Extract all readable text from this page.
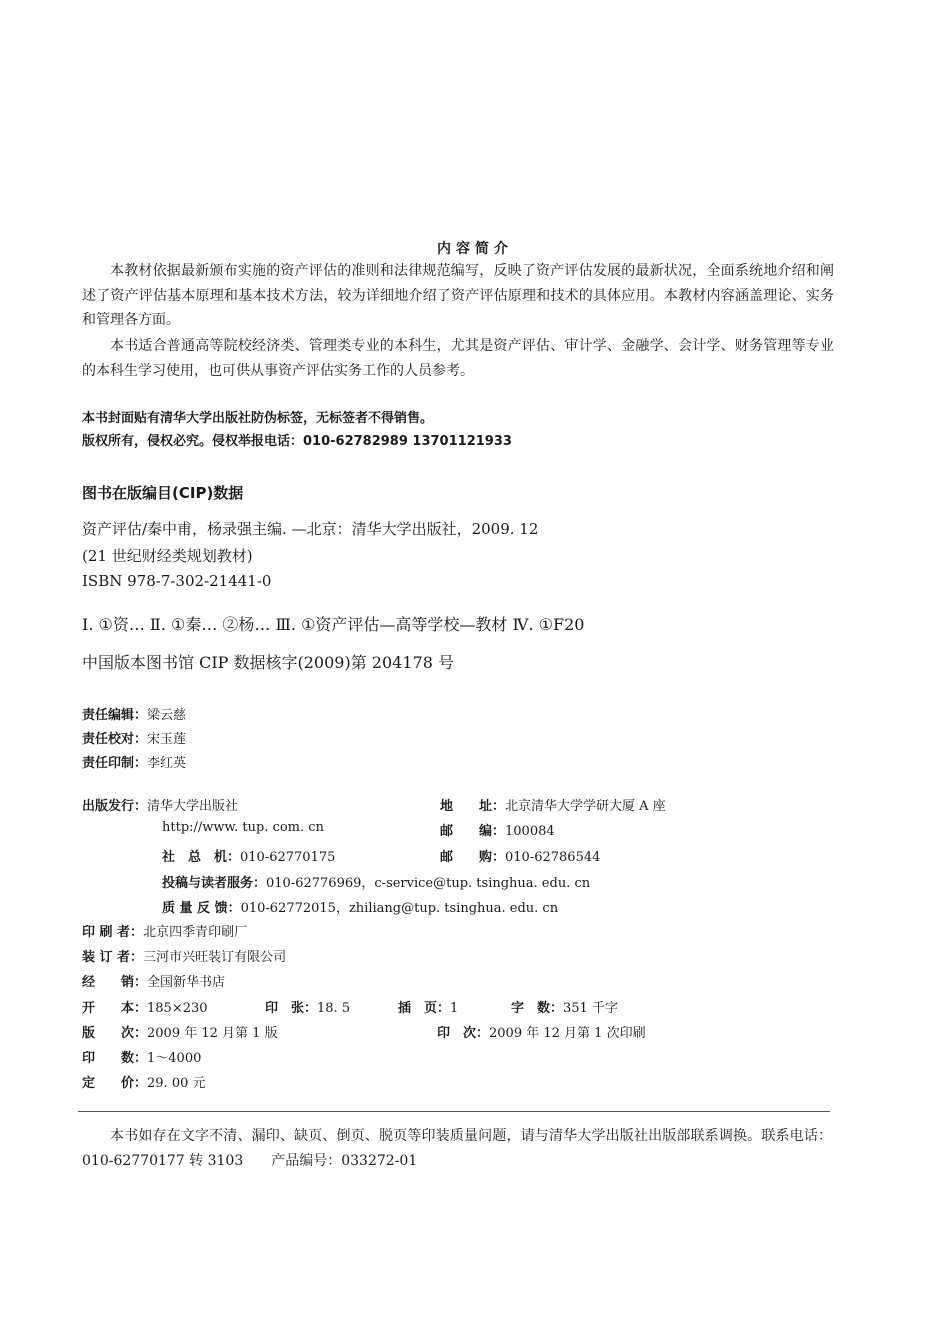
内容简介
本教材依据最新颁布实施的资产评估的准则和法律规范编写，反映了资产评估发展的最新状况，全面系统地介绍和阐述了资产评估基本原理和基本技术方法，较为详细地介绍了资产评估原理和技术的具体应用。本教材内容涵盖理论、实务和管理各方面。
本书适合普通高等院校经济类、管理类专业的本科生，尤其是资产评估、审计学、金融学、会计学、财务管理等专业的本科生学习使用，也可供从事资产评估实务工作的人员参考。
本书封面贴有清华大学出版社防伪标签，无标签者不得销售。
版权所有，侵权必究。侵权举报电话：010-62782989 13701121933
图书在版编目(CIP)数据
资产评估/秦中甫，杨录强主编. —北京：清华大学出版社，2009. 12
(21 世纪财经类规划教材)
ISBN 978-7-302-21441-0
Ⅰ. ①资… Ⅱ. ①秦… ②杨… Ⅲ. ①资产评估—高等学校—教材 Ⅳ. ①F20
中国版本图书馆 CIP 数据核字(2009)第 204178 号
责任编辑：梁云慈
责任校对：宋玉莲
责任印制：李红英
出版发行：清华大学出版社	地　　址：北京清华大学学研大厦 A 座
http://www. tup. com. cn	邮　　编：100084
社　总　机：010-62770175	邮　　购：010-62786544
投稿与读者服务：010-62776969，c-service@tup. tsinghua. edu. cn
质 量 反 馈：010-62772015，zhiliang@tup. tsinghua. edu. cn
印 刷 者：北京四季青印刷厂
装 订 者：三河市兴旺装订有限公司
经　　销：全国新华书店
开　　本：185×230	印　张：18. 5	插　页：1	字　数：351 千字
版　　次：2009 年 12 月第 1 版	印　次：2009 年 12 月第 1 次印刷
印　　数：1～4000
定　　价：29. 00 元
本书如存在文字不清、漏印、缺页、倒页、脱页等印装质量问题，请与清华大学出版社出版部联系调换。联系电话：010-62770177 转 3103　　产品编号：033272-01
